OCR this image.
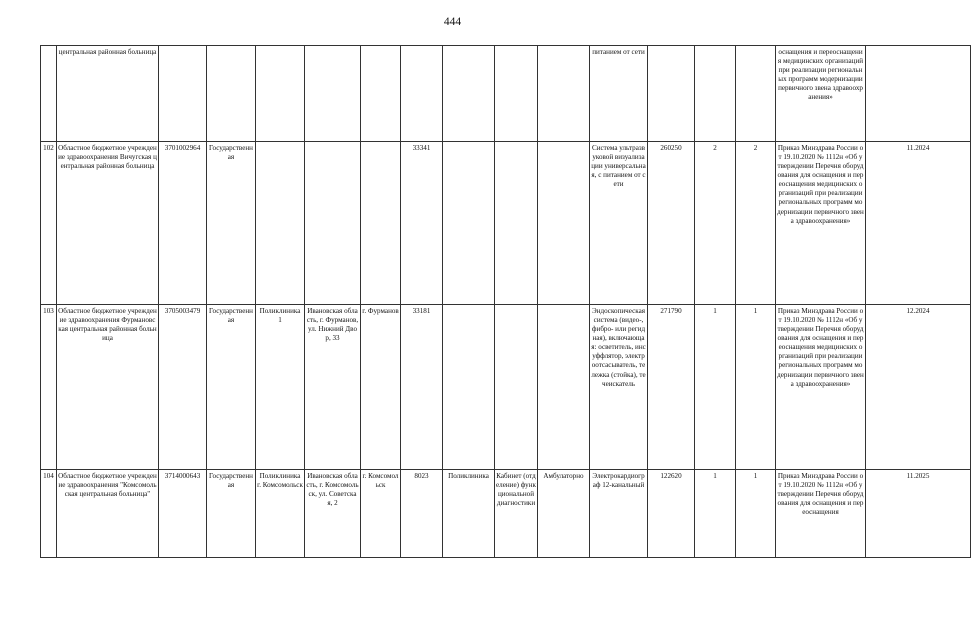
444
	центральная районная больница										питанием от сети				оснащения и переоснащения медицинских организаций при реализации региональных программ модернизации первичного звена здравоохранения»	
102	Областное бюджетное учреждение здравоохранения Вичугская центральная районная больница	3701002964	Государственная				33341				Система ультразвуковой визуализации универсальная, с питанием от сети	260250	2	2	Приказ Минздрава России от 19.10.2020 № 1112н «Об утверждении Перечня оборудования для оснащения и переоснащения медицинских организаций при реализации региональных программ модернизации первичного звена здравоохранения»	11.2024
103	Областное бюджетное учреждение здравоохранения Фурмановская центральная районная больница	3705003479	Государственная	Поликлиника 1	Ивановская область, г. Фурманов, ул. Нижний Двор, 33	г. Фурманов	33181				Эндоскопическая система (видео-, фибро- или регидная), включающая: осветитель, инсуффлятор, электроотсасыватель, тележка (стойка), течеискатель	271790	1	1	Приказ Минздрава России от 19.10.2020 № 1112н «Об утверждении Перечня оборудования для оснащения и переоснащения медицинских организаций при реализации региональных программ модернизации первичного звена здравоохранения»	12.2024
104	Областное бюджетное учреждение здравоохранения "Комсомольская центральная больница"	3714000643	Государственная	Поликлиника г. Комсомольск	Ивановская область, г. Комсомольск, ул. Советская, 2	г. Комсомольск	8023	Поликлиника	Кабинет (отделение) функциональной диагностики	Амбулаторно	Электрокардиограф 12-канальный	122620	1	1	Приказ Минздрава России от 19.10.2020 № 1112н «Об утверждении Перечня оборудования для оснащения и переоснащения	11.2025
